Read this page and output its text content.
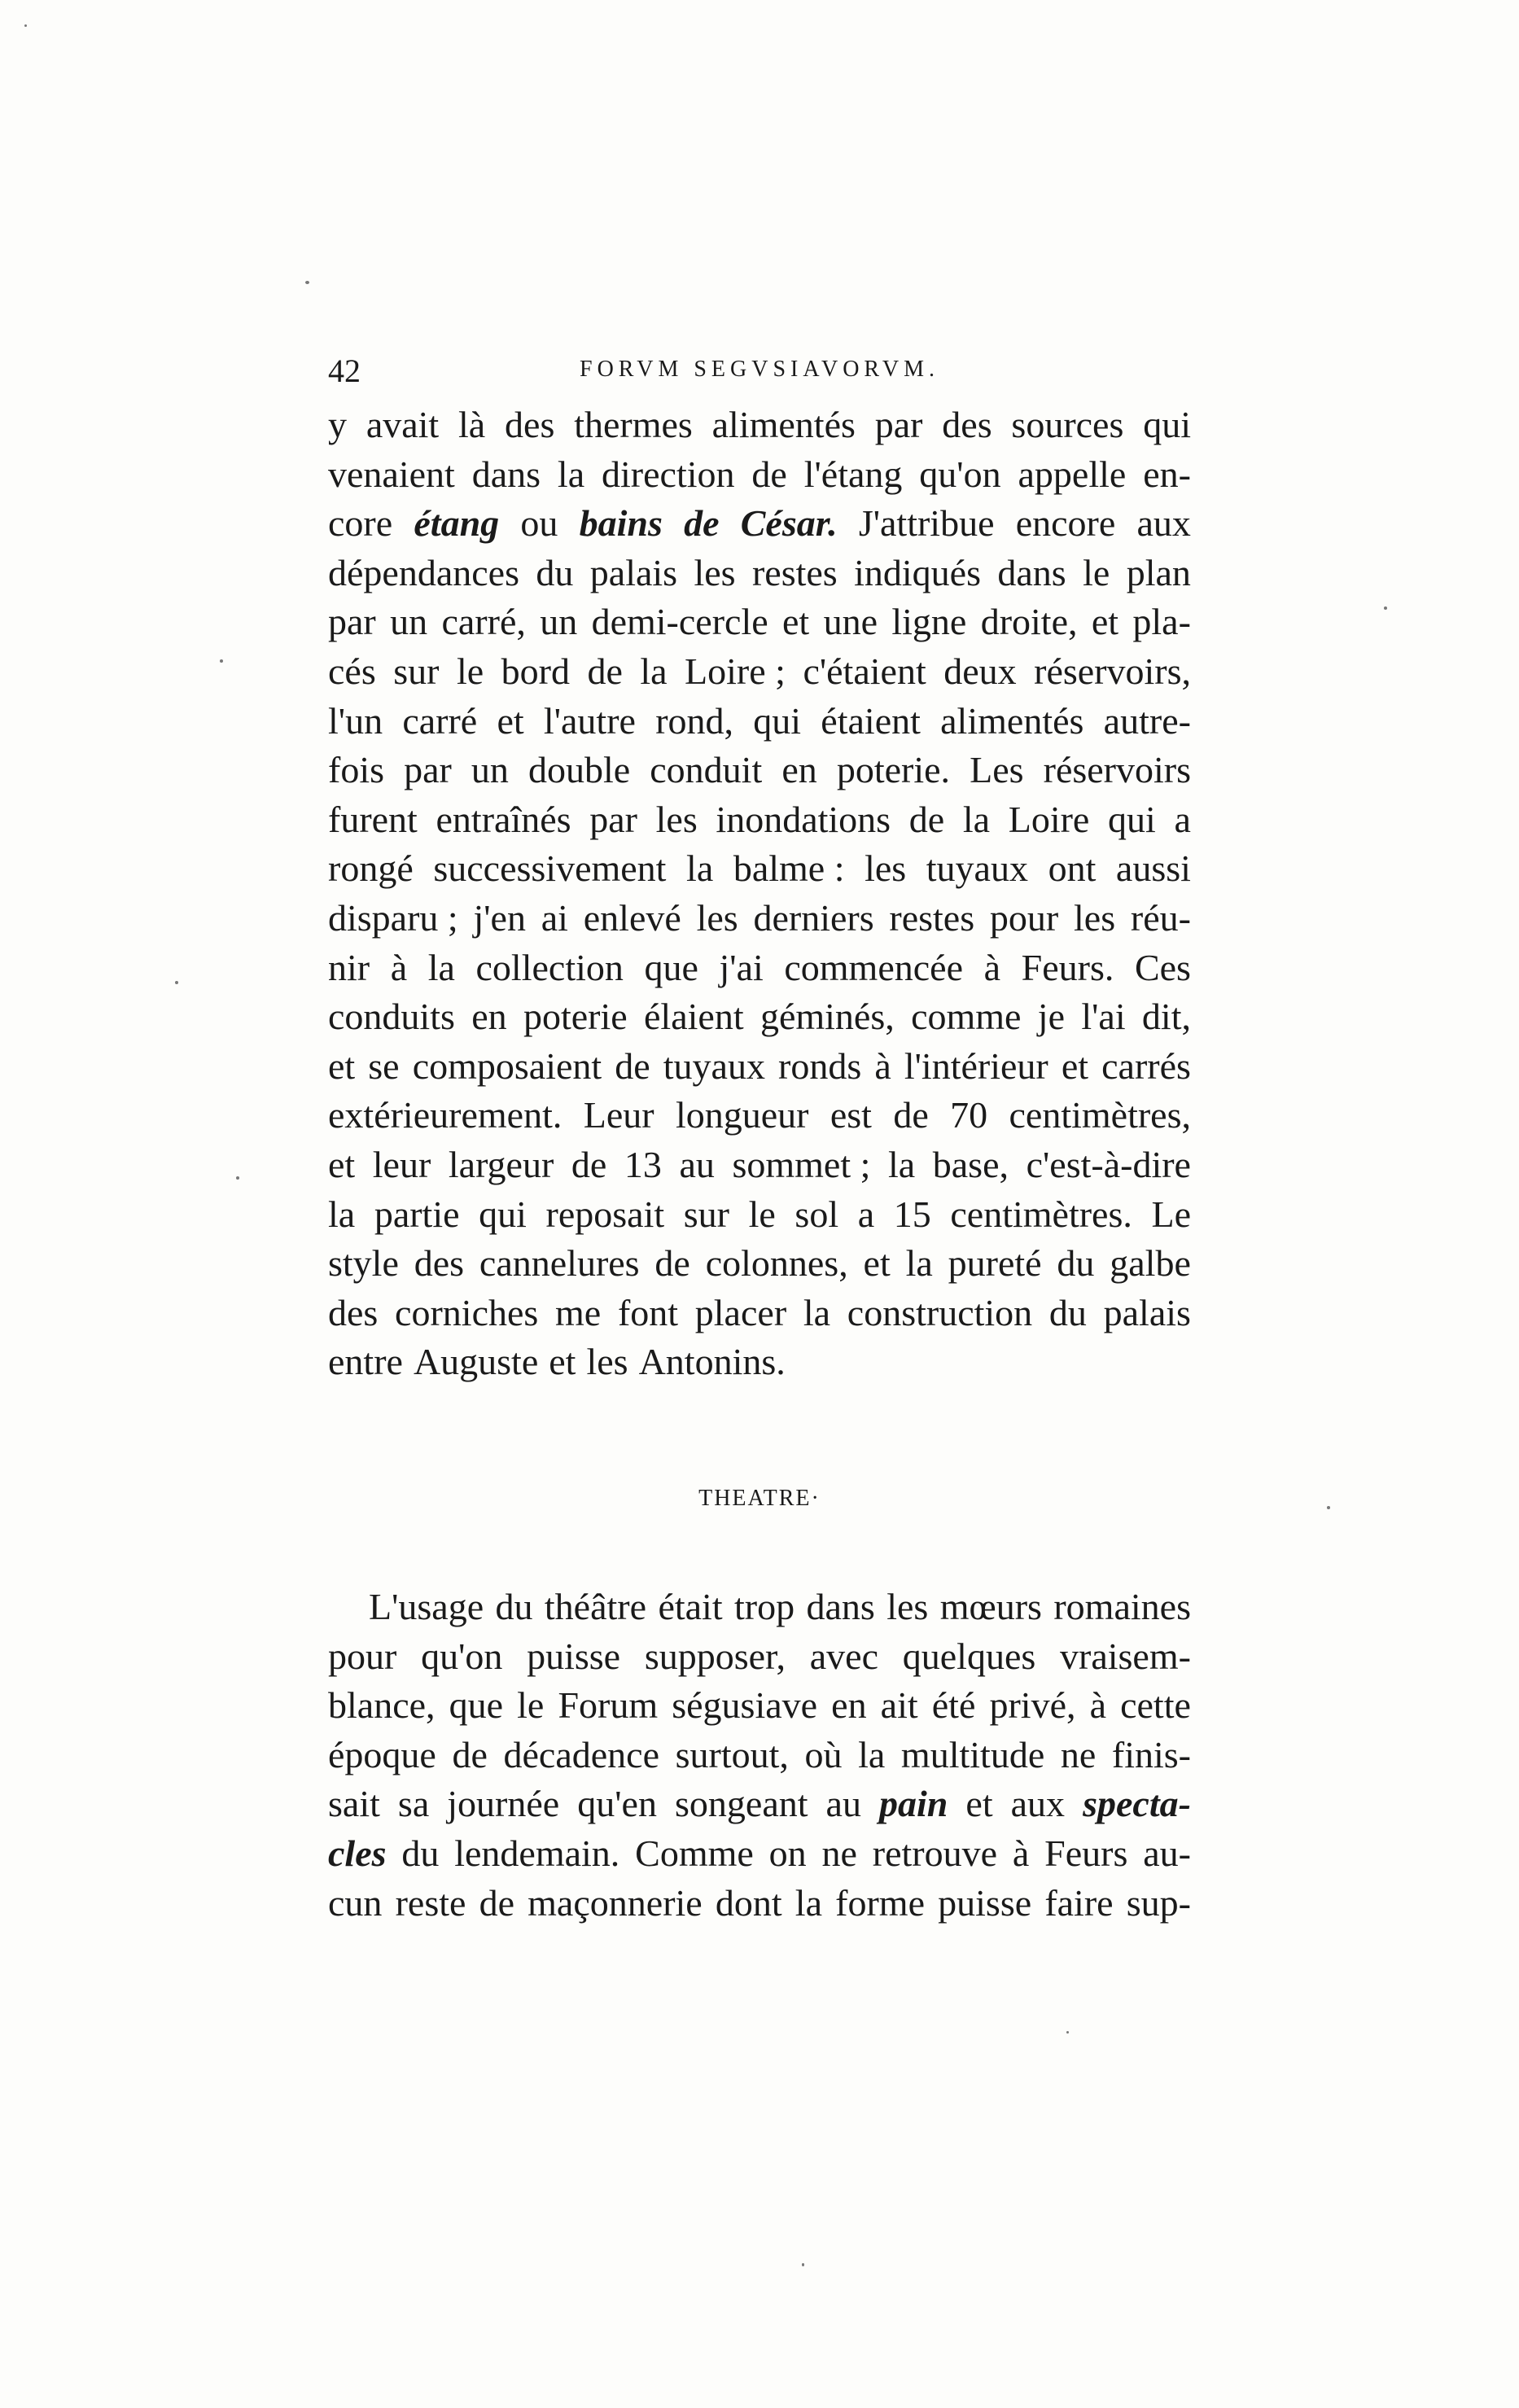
42	FORVM SEGVSIAVORVM.
y avait là des thermes alimentés par des sources qui
venaient dans la direction de l'étang qu'on appelle en-
core étang ou bains de César. J'attribue encore aux
dépendances du palais les restes indiqués dans le plan
par un carré, un demi-cercle et une ligne droite, et pla-
cés sur le bord de la Loire ; c'étaient deux réservoirs,
l'un carré et l'autre rond, qui étaient alimentés autre-
fois par un double conduit en poterie. Les réservoirs
furent entraînés par les inondations de la Loire qui a
rongé successivement la balme : les tuyaux ont aussi
disparu ; j'en ai enlevé les derniers restes pour les réu-
nir à la collection que j'ai commencée à Feurs. Ces
conduits en poterie élaient géminés, comme je l'ai dit,
et se composaient de tuyaux ronds à l'intérieur et carrés
extérieurement. Leur longueur est de 70 centimètres,
et leur largeur de 13 au sommet ; la base, c'est-à-dire
la partie qui reposait sur le sol a 15 centimètres. Le
style des cannelures de colonnes, et la pureté du galbe
des corniches me font placer la construction du palais
entre Auguste et les Antonins.
THEATRE·
L'usage du théâtre était trop dans les mœurs romaines
pour qu'on puisse supposer, avec quelques vraisem-
blance, que le Forum ségusiave en ait été privé, à cette
époque de décadence surtout, où la multitude ne finis-
sait sa journée qu'en songeant au pain et aux specta-
cles du lendemain. Comme on ne retrouve à Feurs au-
cun reste de maçonnerie dont la forme puisse faire sup-
